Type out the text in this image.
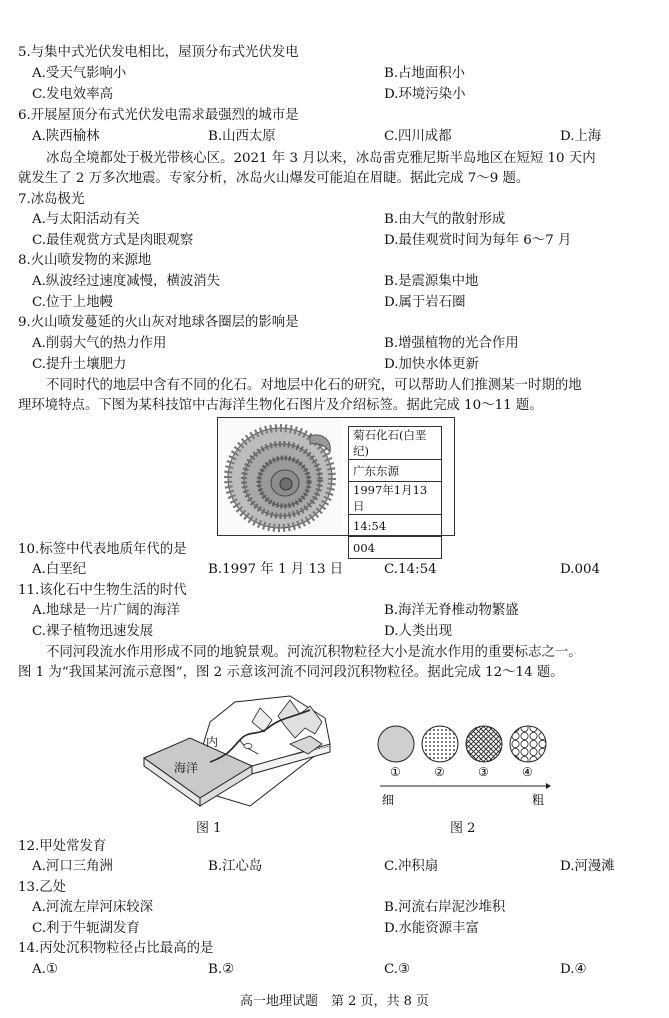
5.与集中式光伏发电相比，屋顶分布式光伏发电
A.受天气影响小	B.占地面积小
C.发电效率高	D.环境污染小
6.开展屋顶分布式光伏发电需求最强烈的城市是
A.陕西榆林	B.山西太原	C.四川成都	D.上海
冰岛全境都处于极光带核心区。2021 年 3 月以来，冰岛雷克雅尼斯半岛地区在短短 10 天内
就发生了 2 万多次地震。专家分析，冰岛火山爆发可能迫在眉睫。据此完成 7～9 题。
7.冰岛极光
A.与太阳活动有关	B.由大气的散射形成
C.最佳观赏方式是肉眼观察	D.最佳观赏时间为每年 6～7 月
8.火山喷发物的来源地
A.纵波经过速度减慢，横波消失	B.是震源集中地
C.位于上地幔	D.属于岩石圈
9.火山喷发蔓延的火山灰对地球各圈层的影响是
A.削弱大气的热力作用	B.增强植物的光合作用
C.提升土壤肥力	D.加快水体更新
不同时代的地层中含有不同的化石。对地层中化石的研究，可以帮助人们推测某一时期的地
理环境特点。下图为某科技馆中古海洋生物化石图片及介绍标签。据此完成 10～11 题。
菊石化石(白垩纪)
广东东源
1997年1月13日
14:54
004
10.标签中代表地质年代的是
A.白垩纪	B.1997 年 1 月 13 日	C.14:54	D.004
11.该化石中生物生活的时代
A.地球是一片广阔的海洋	B.海洋无脊椎动物繁盛
C.裸子植物迅速发展	D.人类出现
不同河段流水作用形成不同的地貌景观。河流沉积物粒径大小是流水作用的重要标志之一。
图 1 为“我国某河流示意图”，图 2 示意该河流不同河段沉积物粒径。据此完成 12～14 题。
内
海洋
图 1
①	②	③	④
细	粗
图 2
12.甲处常发育
A.河口三角洲	B.江心岛	C.冲积扇	D.河漫滩
13.乙处
A.河流左岸河床较深	B.河流右岸泥沙堆积
C.利于牛轭湖发育	D.水能资源丰富
14.丙处沉积物粒径占比最高的是
A.①	B.②	C.③	D.④
高一地理试题　第 2 页，共 8 页
